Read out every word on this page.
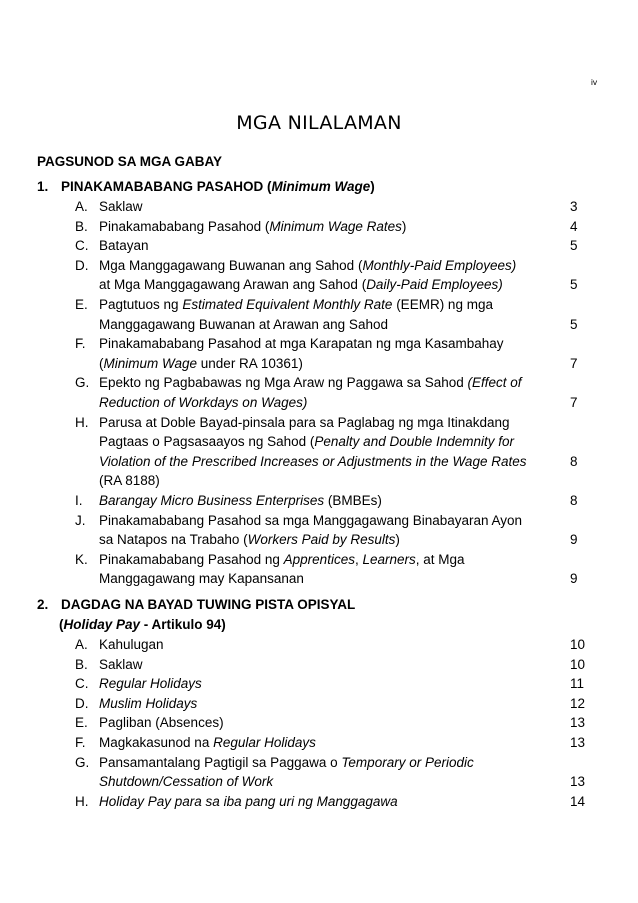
iv
MGA NILALAMAN
PAGSUNOD SA MGA GABAY
1. PINAKAMABABANG PASAHOD (Minimum Wage)
A. Saklaw	3
B. Pinakamababang Pasahod (Minimum Wage Rates)	4
C. Batayan	5
D. Mga Manggagawang Buwanan ang Sahod (Monthly-Paid Employees)
at Mga Manggagawang Arawan ang Sahod (Daily-Paid Employees)	5
E. Pagtutuos ng Estimated Equivalent Monthly Rate (EEMR) ng mga
Manggagawang Buwanan at Arawan ang Sahod	5
F. Pinakamababang Pasahod at mga Karapatan ng mga Kasambahay
(Minimum Wage under RA 10361)	7
G. Epekto ng Pagbabawas ng Mga Araw ng Paggawa sa Sahod (Effect of
Reduction of Workdays on Wages)	7
H. Parusa at Doble Bayad-pinsala para sa Paglabag ng mga Itinakdang
Pagtaas o Pagsasaayos ng Sahod (Penalty and Double Indemnity for
Violation of the Prescribed Increases or Adjustments in the Wage Rates	8
(RA 8188)
I. Barangay Micro Business Enterprises (BMBEs)	8
J. Pinakamababang Pasahod sa mga Manggagawang Binabayaran Ayon
sa Natapos na Trabaho (Workers Paid by Results)	9
K. Pinakamababang Pasahod ng Apprentices, Learners, at Mga
Manggagawang may Kapansanan	9
2. DAGDAG NA BAYAD TUWING PISTA OPISYAL
(Holiday Pay - Artikulo 94)
A. Kahulugan	10
B. Saklaw	10
C. Regular Holidays	11
D. Muslim Holidays	12
E. Pagliban (Absences)	13
F. Magkakasunod na Regular Holidays	13
G. Pansamantalang Pagtigil sa Paggawa o Temporary or Periodic
Shutdown/Cessation of Work	13
H. Holiday Pay para sa iba pang uri ng Manggagawa	14
